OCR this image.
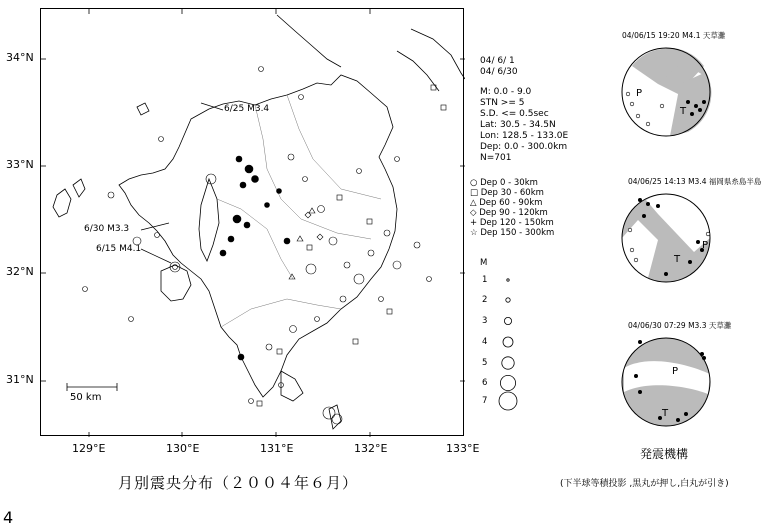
6/25 M3.4
6/30 M3.3
6/15 M4.1
50 km
34°N
33°N
32°N
31°N
129°E	130°E	131°E	132°E	133°E
04/ 6/ 1
04/ 6/30
M: 0.0 - 9.0
STN >= 5
S.D. <= 0.5sec
Lat: 30.5 - 34.5N
Lon: 128.5 - 133.0E
Dep: 0.0 - 300.0km
N=701
○ Dep 0 - 30km
□ Dep 30 - 60km
△ Dep 60 - 90km
◇ Dep 90 - 120km
+ Dep 120 - 150km
☆ Dep 150 - 300km
M
1
2
3
4
5
6
7
04/06/15 19:20 M4.1 天草灘
P
T
04/06/25 14:13 M3.4 福岡県糸島半島
P
T
04/06/30 07:29 M3.3 天草灘
P
T
月別震央分布（２００４年６月）
発震機構
(下半球等積投影 ,黒丸が押し,白丸が引き)
4
